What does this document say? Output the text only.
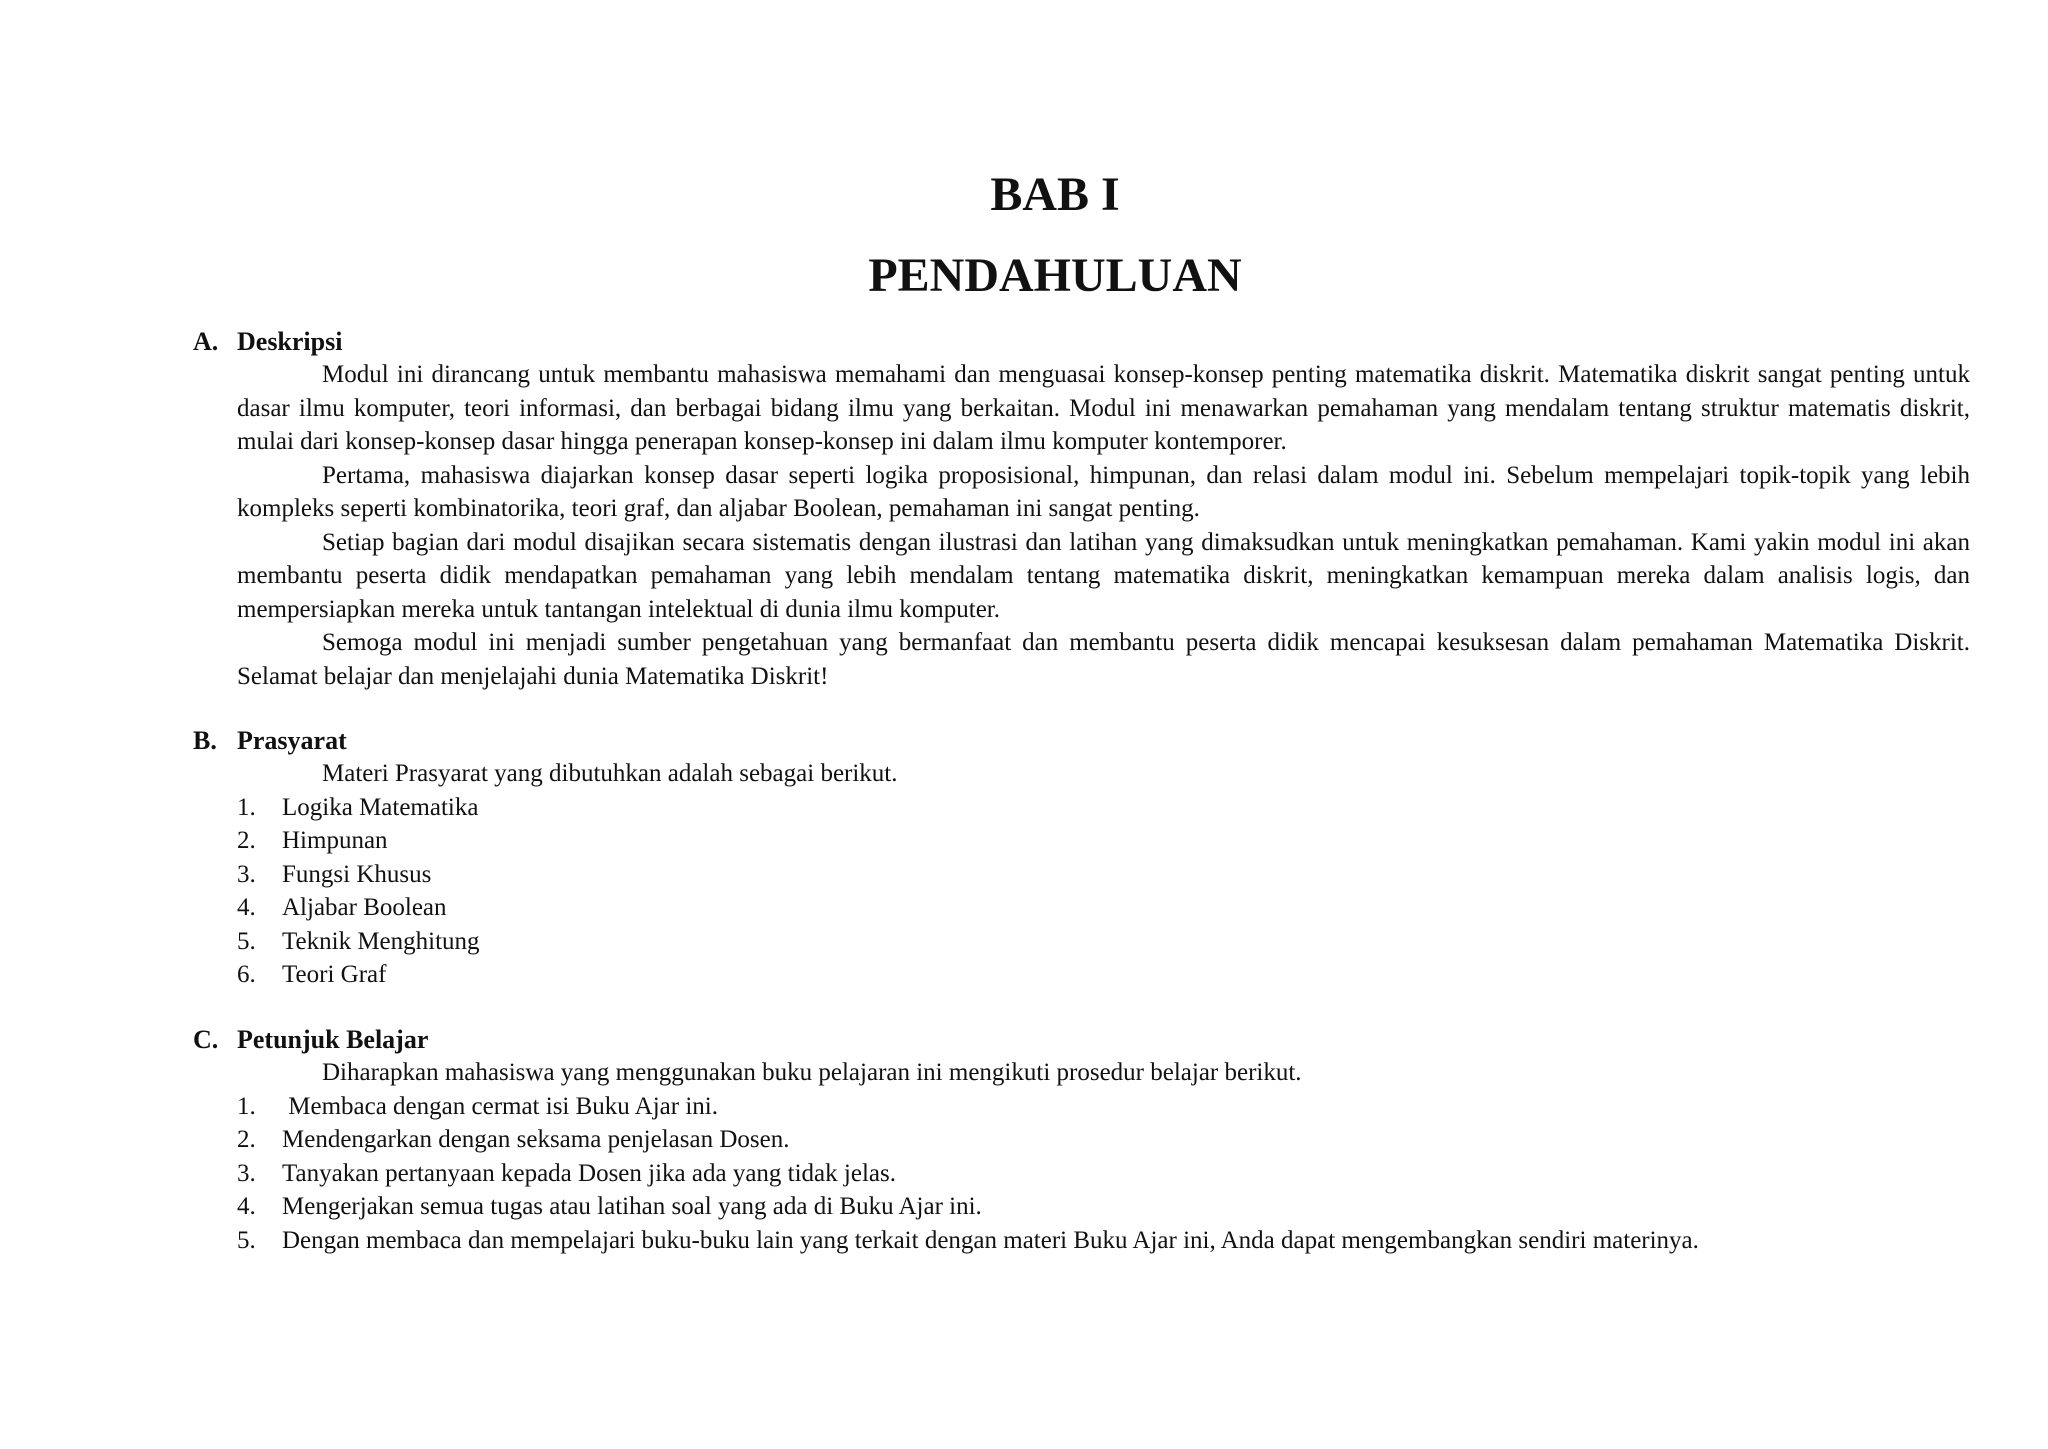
BAB I
PENDAHULUAN
A. Deskripsi

Modul ini dirancang untuk membantu mahasiswa memahami dan menguasai konsep-konsep penting matematika diskrit. Matematika diskrit sangat penting untuk dasar ilmu komputer, teori informasi, dan berbagai bidang ilmu yang berkaitan. Modul ini menawarkan pemahaman yang mendalam tentang struktur matematis diskrit, mulai dari konsep-konsep dasar hingga penerapan konsep-konsep ini dalam ilmu komputer kontemporer.

Pertama, mahasiswa diajarkan konsep dasar seperti logika proposisional, himpunan, dan relasi dalam modul ini. Sebelum mempelajari topik-topik yang lebih kompleks seperti kombinatorika, teori graf, dan aljabar Boolean, pemahaman ini sangat penting.

Setiap bagian dari modul disajikan secara sistematis dengan ilustrasi dan latihan yang dimaksudkan untuk meningkatkan pemahaman. Kami yakin modul ini akan membantu peserta didik mendapatkan pemahaman yang lebih mendalam tentang matematika diskrit, meningkatkan kemampuan mereka dalam analisis logis, dan mempersiapkan mereka untuk tantangan intelektual di dunia ilmu komputer.

Semoga modul ini menjadi sumber pengetahuan yang bermanfaat dan membantu peserta didik mencapai kesuksesan dalam pemahaman Matematika Diskrit. Selamat belajar dan menjelajahi dunia Matematika Diskrit!

B. Prasyarat

Materi Prasyarat yang dibutuhkan adalah sebagai berikut.

1.	Logika Matematika
2.	Himpunan
3.	Fungsi Khusus
4.	Aljabar Boolean
5.	Teknik Menghitung
6.	Teori Graf
C. Petunjuk Belajar

Diharapkan mahasiswa yang menggunakan buku pelajaran ini mengikuti prosedur belajar berikut.

1.	Membaca dengan cermat isi Buku Ajar ini.
2.	Mendengarkan dengan seksama penjelasan Dosen.
3.	Tanyakan pertanyaan kepada Dosen jika ada yang tidak jelas.
4.	Mengerjakan semua tugas atau latihan soal yang ada di Buku Ajar ini.
5.	Dengan membaca dan mempelajari buku-buku lain yang terkait dengan materi Buku Ajar ini, Anda dapat mengembangkan sendiri materinya.
